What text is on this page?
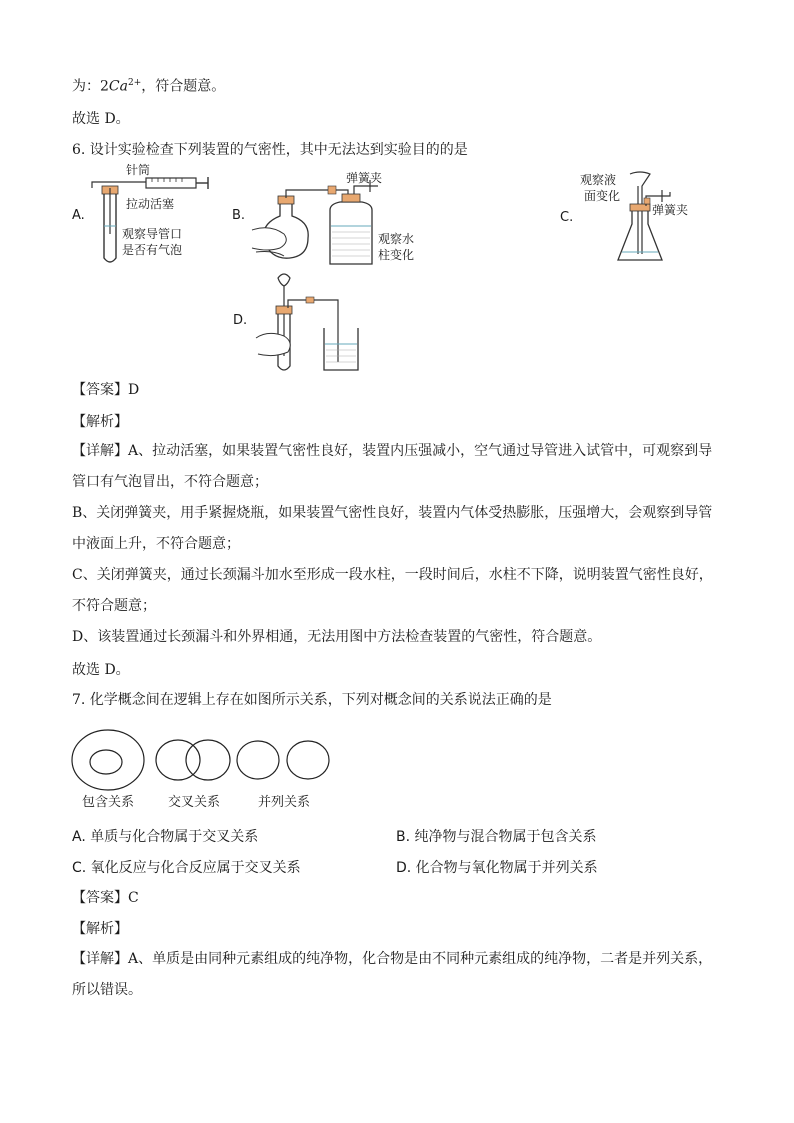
为：$2Ca^{2+}$，符合题意。
故选 D。
6. 设计实验检查下列装置的气密性，其中无法达到实验目的的是
A.	B.	C.
D.
针筒
拉动活塞
观察导管口
是否有气泡
弹簧夹
观察水
柱变化
观察液
面变化
弹簧夹
【答案】D
【解析】
【详解】A、拉动活塞，如果装置气密性良好，装置内压强减小，空气通过导管进入试管中，可观察到导管口有气泡冒出，不符合题意；
B、关闭弹簧夹，用手紧握烧瓶，如果装置气密性良好，装置内气体受热膨胀，压强增大，会观察到导管中液面上升，不符合题意；
C、关闭弹簧夹，通过长颈漏斗加水至形成一段水柱，一段时间后，水柱不下降，说明装置气密性良好，不符合题意；
D、该装置通过长颈漏斗和外界相通，无法用图中方法检查装置的气密性，符合题意。
故选 D。
7. 化学概念间在逻辑上存在如图所示关系，下列对概念间的关系说法正确的是
包含关系	交叉关系	并列关系
A. 单质与化合物属于交叉关系	B. 纯净物与混合物属于包含关系
C. 氧化反应与化合反应属于交叉关系	D. 化合物与氧化物属于并列关系
【答案】C
【解析】
【详解】A、单质是由同种元素组成的纯净物，化合物是由不同种元素组成的纯净物，二者是并列关系，所以错误。
